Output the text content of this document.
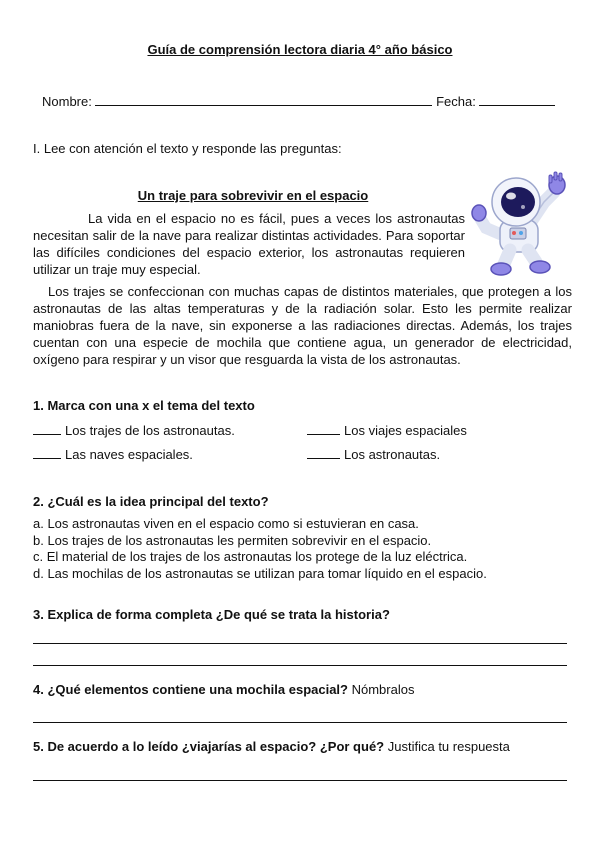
Guía de comprensión lectora diaria 4° año básico
Nombre:	Fecha:
I. Lee con atención el texto y responde las preguntas:
Un traje para sobrevivir en el espacio
La vida en el espacio no es fácil, pues a veces los astronautas necesitan salir de la nave para realizar distintas actividades. Para soportar las difíciles condiciones del espacio exterior, los astronautas requieren utilizar un traje muy especial.
Los trajes se confeccionan con muchas capas de distintos materiales, que protegen a los astronautas de las altas temperaturas y de la radiación solar. Esto les permite realizar maniobras fuera de la nave, sin exponerse a las radiaciones directas. Además, los trajes cuentan con una especie de mochila que contiene agua, un generador de electricidad, oxígeno para respirar y un visor que resguarda la vista de los astronautas.
1. Marca con una x el tema del texto
Los trajes de los astronautas.	Los viajes espaciales
Las naves espaciales.	Los astronautas.
2. ¿Cuál es la idea principal del texto?
a. Los astronautas viven en el espacio como si estuvieran en casa.
b. Los trajes de los astronautas les permiten sobrevivir en el espacio.
c. El material de los trajes de los astronautas los protege de la luz eléctrica.
d. Las mochilas de los astronautas se utilizan para tomar líquido en el espacio.
3. Explica de forma completa ¿De qué se trata la historia?
4. ¿Qué elementos contiene una mochila espacial? Nómbralos
5. De acuerdo a lo leído ¿viajarías al espacio? ¿Por qué? Justifica tu respuesta
